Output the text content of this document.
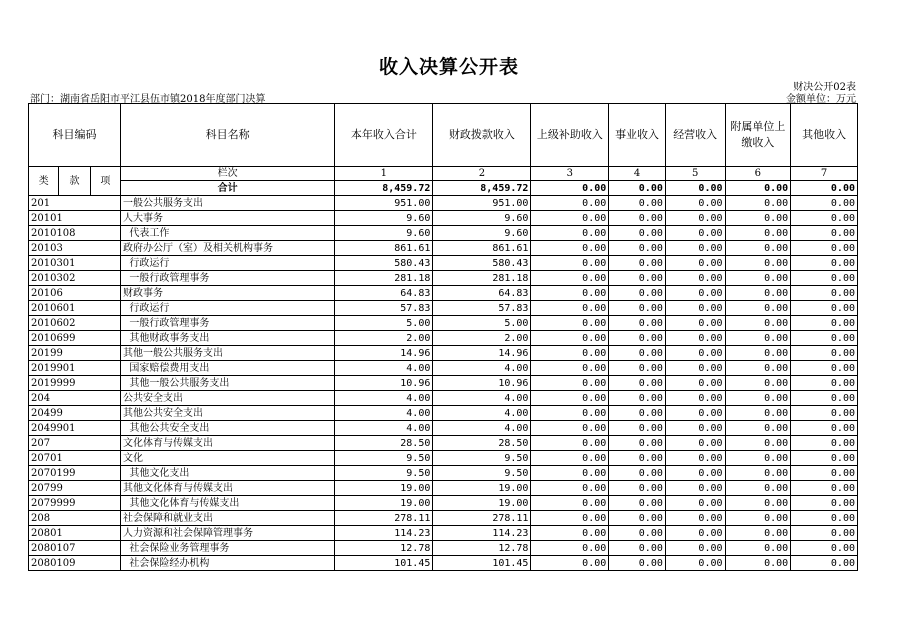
收入决算公开表
财决公开02表
部门：湖南省岳阳市平江县伍市镇2018年度部门决算	金额单位：万元
科目编码			科目名称	本年收入合计	财政拨款收入	上级补助收入	事业收入	经营收入	附属单位上缴收入	其他收入
类	款	项	栏次	1	2	3	4	5	6	7
			合计	8,459.72	8,459.72	0.00	0.00	0.00	0.00	0.00
201			一般公共服务支出	951.00	951.00	0.00	0.00	0.00	0.00	0.00
20101			人大事务	9.60	9.60	0.00	0.00	0.00	0.00	0.00
2010108			代表工作	9.60	9.60	0.00	0.00	0.00	0.00	0.00
20103			政府办公厅（室）及相关机构事务	861.61	861.61	0.00	0.00	0.00	0.00	0.00
2010301			行政运行	580.43	580.43	0.00	0.00	0.00	0.00	0.00
2010302			一般行政管理事务	281.18	281.18	0.00	0.00	0.00	0.00	0.00
20106			财政事务	64.83	64.83	0.00	0.00	0.00	0.00	0.00
2010601			行政运行	57.83	57.83	0.00	0.00	0.00	0.00	0.00
2010602			一般行政管理事务	5.00	5.00	0.00	0.00	0.00	0.00	0.00
2010699			其他财政事务支出	2.00	2.00	0.00	0.00	0.00	0.00	0.00
20199			其他一般公共服务支出	14.96	14.96	0.00	0.00	0.00	0.00	0.00
2019901			国家赔偿费用支出	4.00	4.00	0.00	0.00	0.00	0.00	0.00
2019999			其他一般公共服务支出	10.96	10.96	0.00	0.00	0.00	0.00	0.00
204			公共安全支出	4.00	4.00	0.00	0.00	0.00	0.00	0.00
20499			其他公共安全支出	4.00	4.00	0.00	0.00	0.00	0.00	0.00
2049901			其他公共安全支出	4.00	4.00	0.00	0.00	0.00	0.00	0.00
207			文化体育与传媒支出	28.50	28.50	0.00	0.00	0.00	0.00	0.00
20701			文化	9.50	9.50	0.00	0.00	0.00	0.00	0.00
2070199			其他文化支出	9.50	9.50	0.00	0.00	0.00	0.00	0.00
20799			其他文化体育与传媒支出	19.00	19.00	0.00	0.00	0.00	0.00	0.00
2079999			其他文化体育与传媒支出	19.00	19.00	0.00	0.00	0.00	0.00	0.00
208			社会保障和就业支出	278.11	278.11	0.00	0.00	0.00	0.00	0.00
20801			人力资源和社会保障管理事务	114.23	114.23	0.00	0.00	0.00	0.00	0.00
2080107			社会保险业务管理事务	12.78	12.78	0.00	0.00	0.00	0.00	0.00
2080109			社会保险经办机构	101.45	101.45	0.00	0.00	0.00	0.00	0.00
